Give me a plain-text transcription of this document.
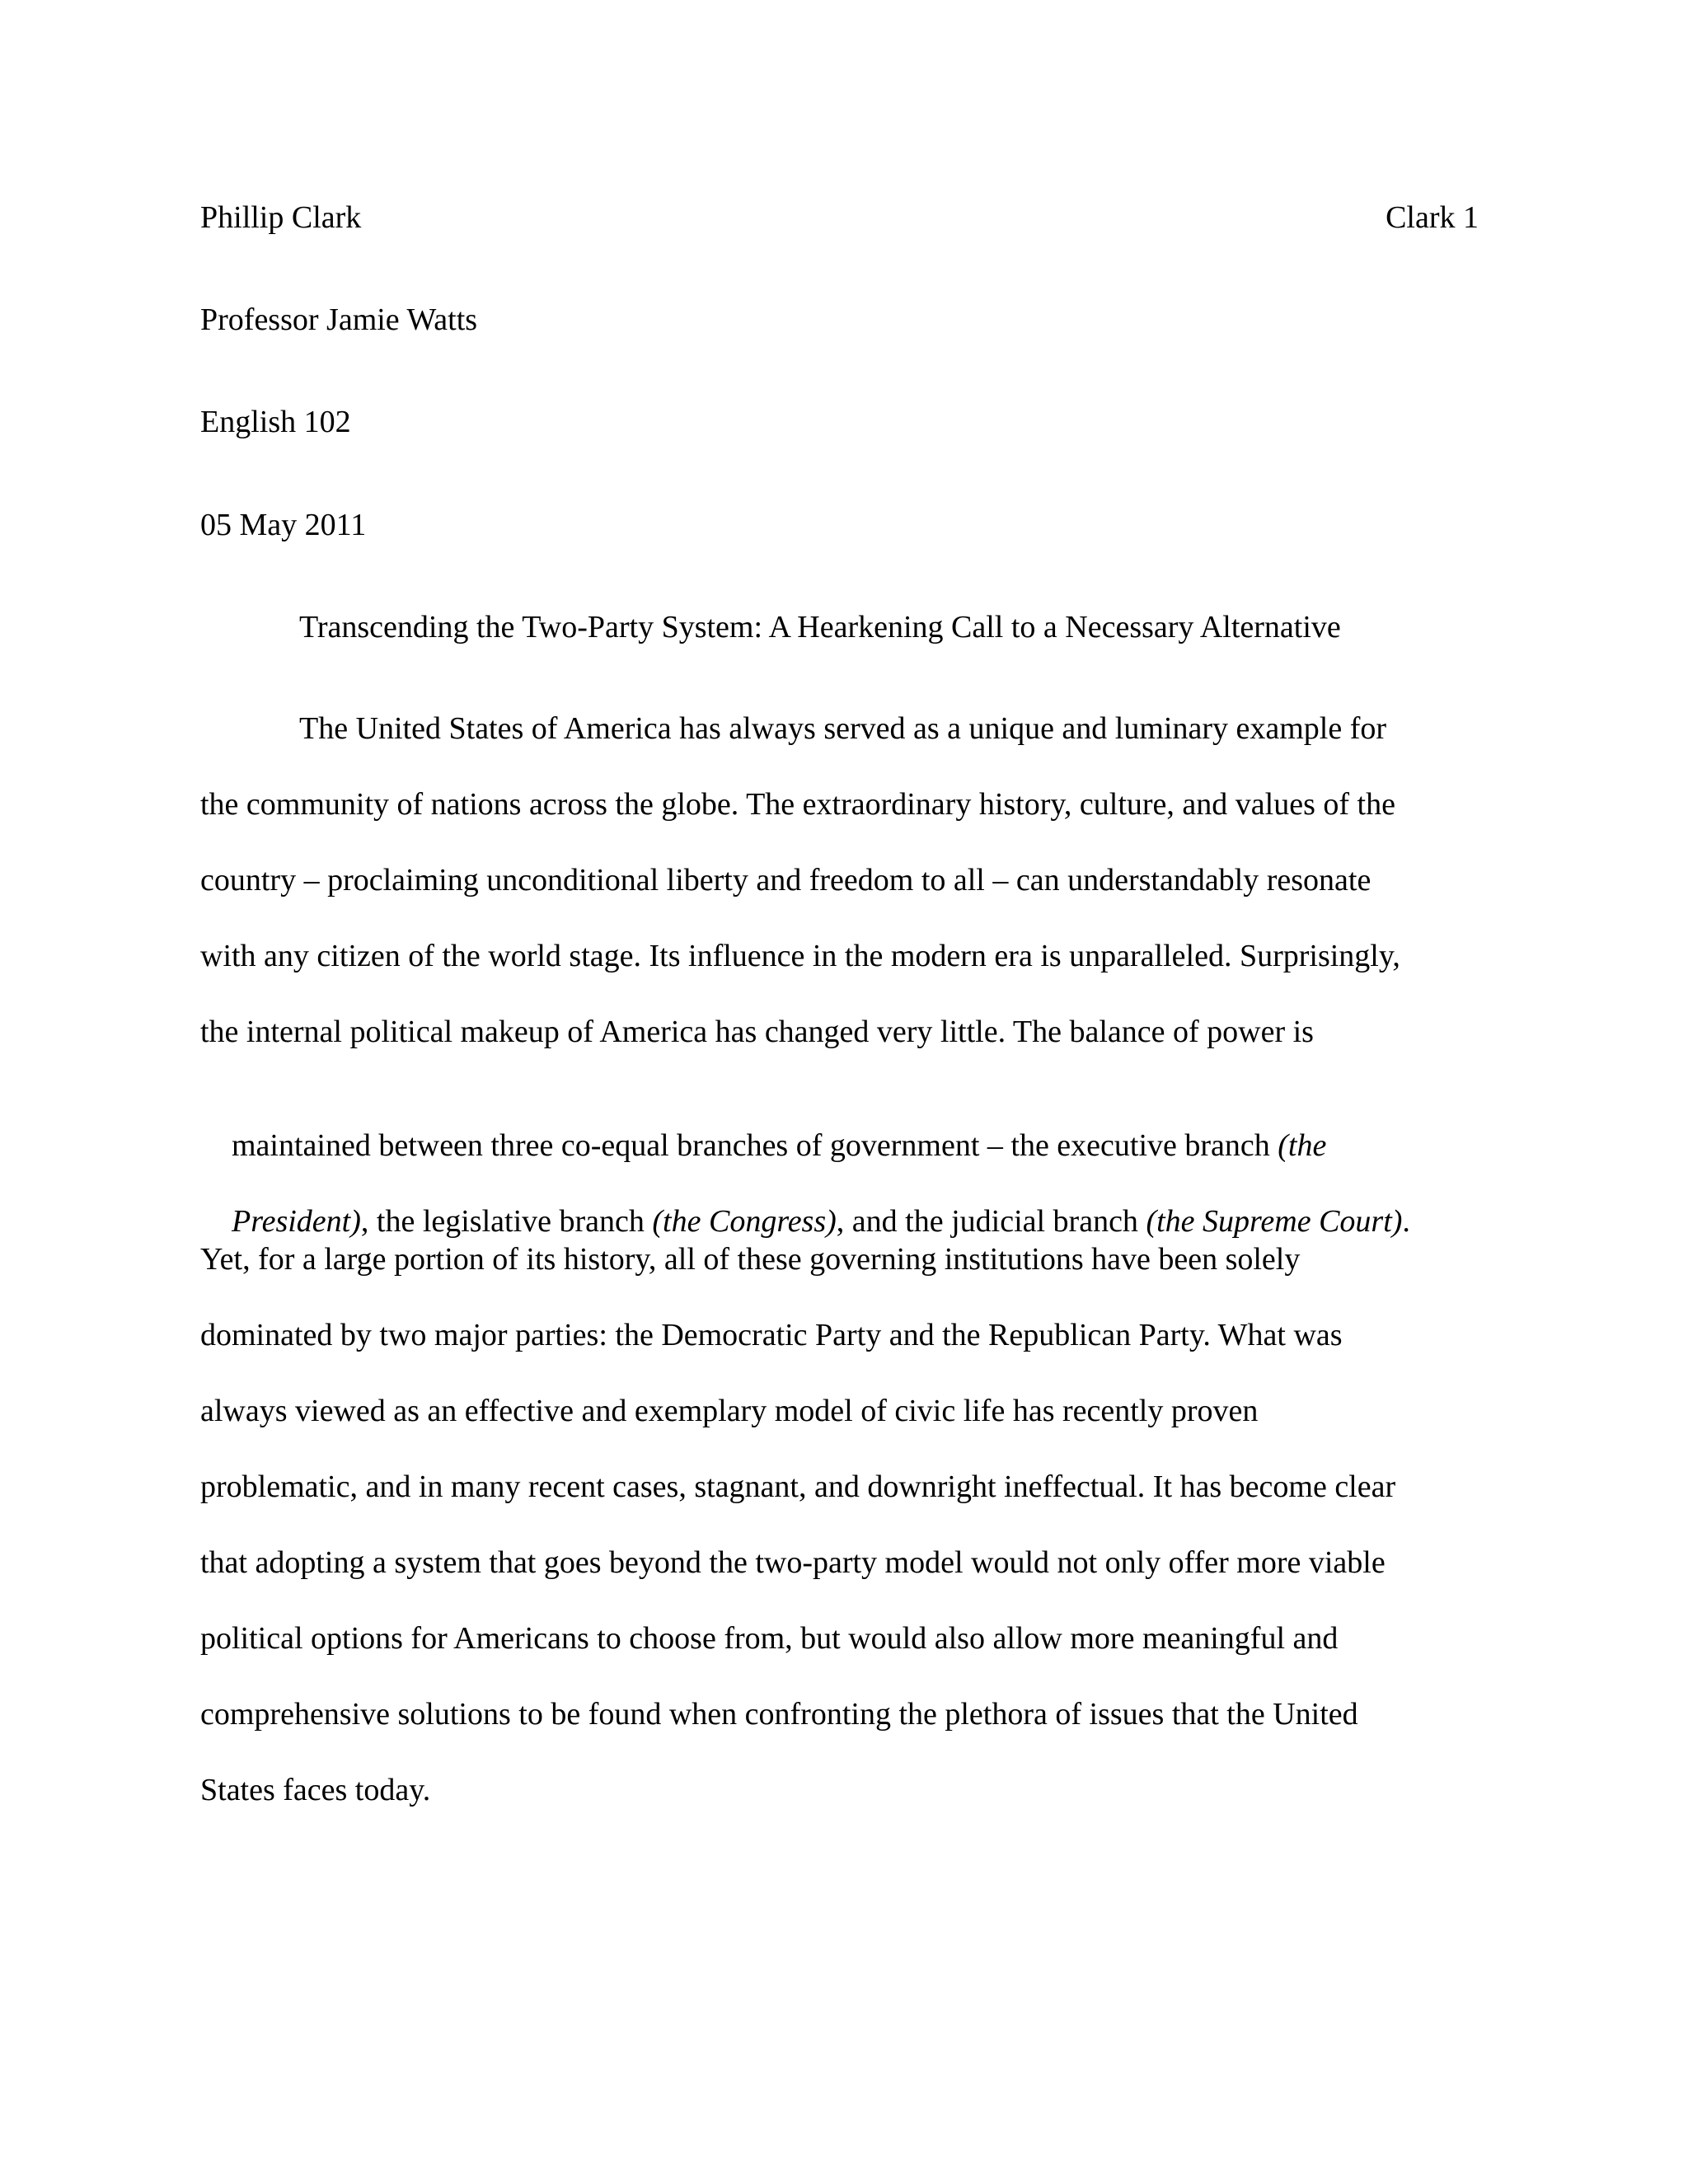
Phillip Clark	Clark 1
Professor Jamie Watts
English 102
05 May 2011
Transcending the Two-Party System: A Hearkening Call to a Necessary Alternative
The United States of America has always served as a unique and luminary example for
the community of nations across the globe. The extraordinary history, culture, and values of the
country – proclaiming unconditional liberty and freedom to all – can understandably resonate
with any citizen of the world stage. Its influence in the modern era is unparalleled. Surprisingly,
the internal political makeup of America has changed very little. The balance of power is

maintained between three co-equal branches of government – the executive branch (the

President), the legislative branch (the Congress), and the judicial branch (the Supreme Court).

Yet, for a large portion of its history, all of these governing institutions have been solely
dominated by two major parties: the Democratic Party and the Republican Party. What was
always viewed as an effective and exemplary model of civic life has recently proven
problematic, and in many recent cases, stagnant, and downright ineffectual. It has become clear
that adopting a system that goes beyond the two-party model would not only offer more viable
political options for Americans to choose from, but would also allow more meaningful and
comprehensive solutions to be found when confronting the plethora of issues that the United
States faces today.
